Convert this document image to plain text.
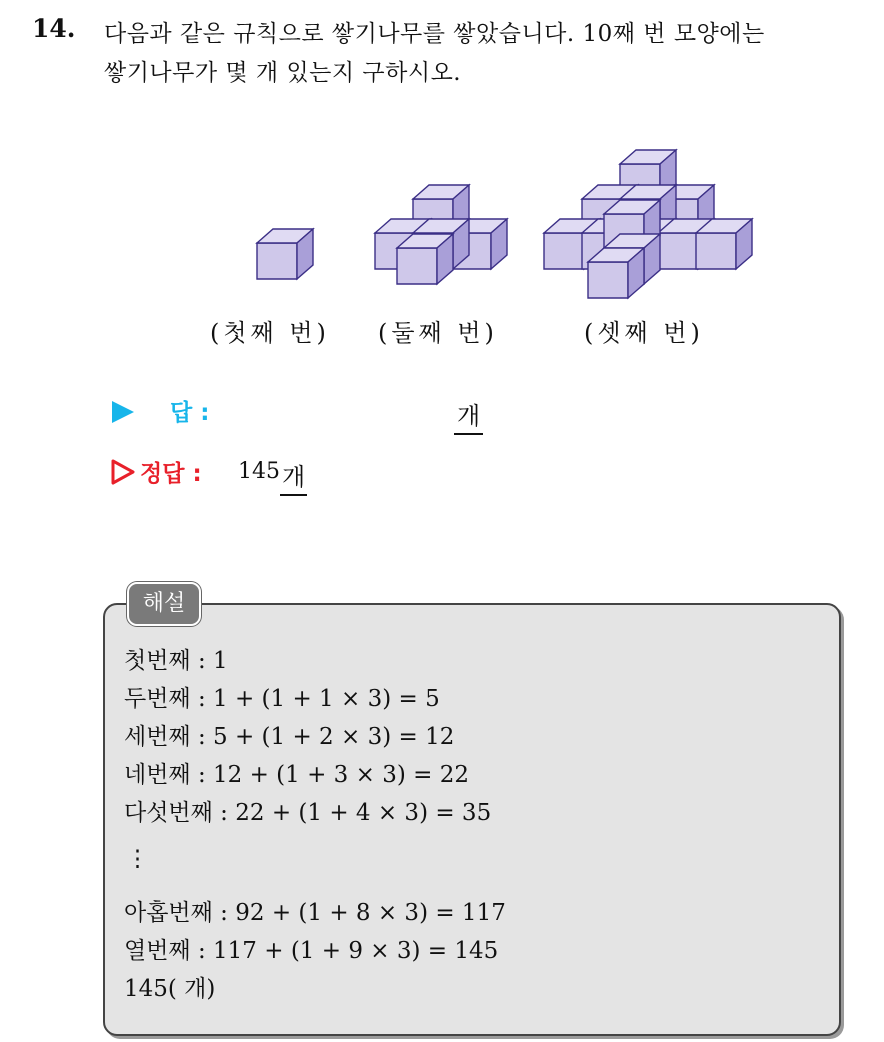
14. 다음과 같은 규칙으로 쌓기나무를 쌓았습니다. 10째 번 모양에는
쌓기나무가 몇 개 있는지 구하시오.
(첫째 번) (둘째 번)	(셋째 번)
답 :	개
정답 : 145 개
해설
첫번째 : 1
두번째 : 1 + (1 + 1 × 3) = 5
세번째 : 5 + (1 + 2 × 3) = 12
네번째 : 12 + (1 + 3 × 3) = 22
다섯번째 : 22 + (1 + 4 × 3) = 35
⋮
아홉번째 : 92 + (1 + 8 × 3) = 117
열번째 : 117 + (1 + 9 × 3) = 145
145( 개)
